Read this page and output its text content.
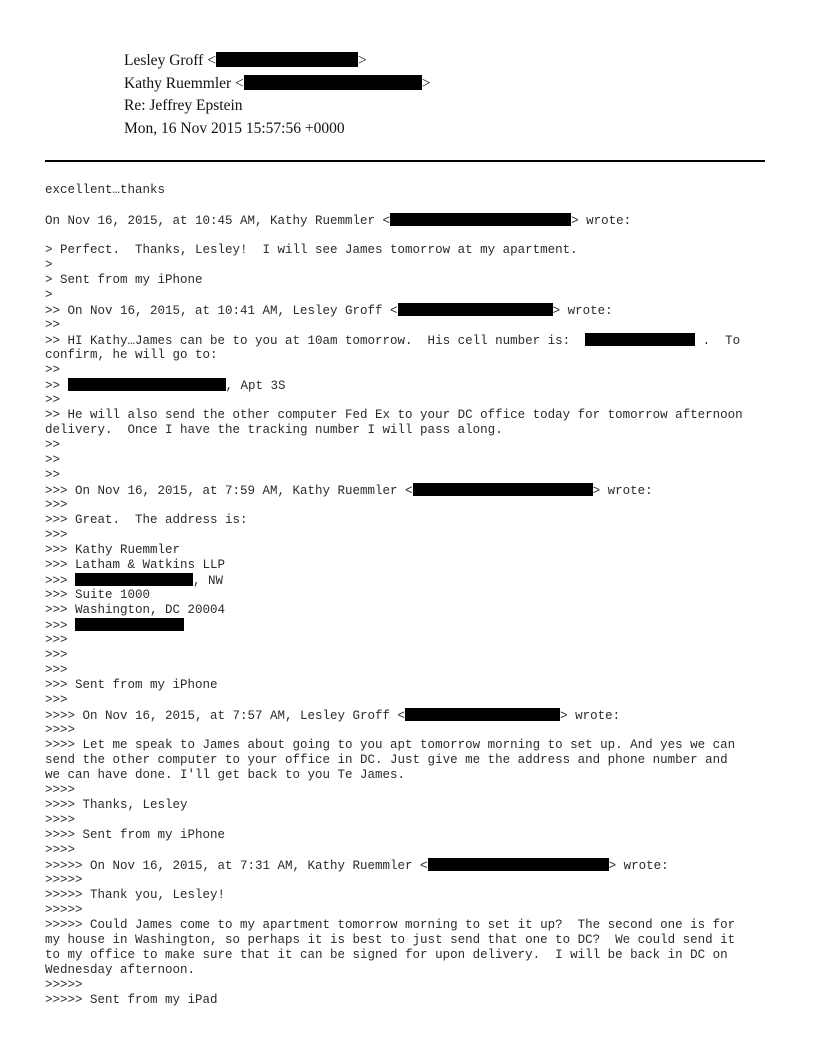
Lesley Groff <	>
Kathy Ruemmler <	>
Re: Jeffrey Epstein
Mon, 16 Nov 2015 15:57:56 +0000
excellent…thanks
On Nov 16, 2015, at 10:45 AM, Kathy Ruemmler <	> wrote:
> Perfect.  Thanks, Lesley!  I will see James tomorrow at my apartment.
>
> Sent from my iPhone
>
>> On Nov 16, 2015, at 10:41 AM, Lesley Groff <	> wrote:
>>
>> HI Kathy…James can be to you at 10am tomorrow.  His cell number is:	.  To
confirm, he will go to:
>>
>>	, Apt 3S
>>
>> He will also send the other computer Fed Ex to your DC office today for tomorrow afternoon
delivery.  Once I have the tracking number I will pass along.
>>
>>
>>
>>> On Nov 16, 2015, at 7:59 AM, Kathy Ruemmler <	> wrote:
>>>
>>> Great.  The address is:
>>>
>>> Kathy Ruemmler
>>> Latham & Watkins LLP
>>>	, NW
>>> Suite 1000
>>> Washington, DC 20004
>>>
>>>
>>>
>>>
>>> Sent from my iPhone
>>>
>>>> On Nov 16, 2015, at 7:57 AM, Lesley Groff <	> wrote:
>>>>
>>>> Let me speak to James about going to you apt tomorrow morning to set up. And yes we can
send the other computer to your office in DC. Just give me the address and phone number and
we can have done. I'll get back to you Te James.
>>>>
>>>> Thanks, Lesley
>>>>
>>>> Sent from my iPhone
>>>>
>>>>> On Nov 16, 2015, at 7:31 AM, Kathy Ruemmler <	> wrote:
>>>>>
>>>>> Thank you, Lesley!
>>>>>
>>>>> Could James come to my apartment tomorrow morning to set it up?  The second one is for
my house in Washington, so perhaps it is best to just send that one to DC?  We could send it
to my office to make sure that it can be signed for upon delivery.  I will be back in DC on
Wednesday afternoon.
>>>>>
>>>>> Sent from my iPad
